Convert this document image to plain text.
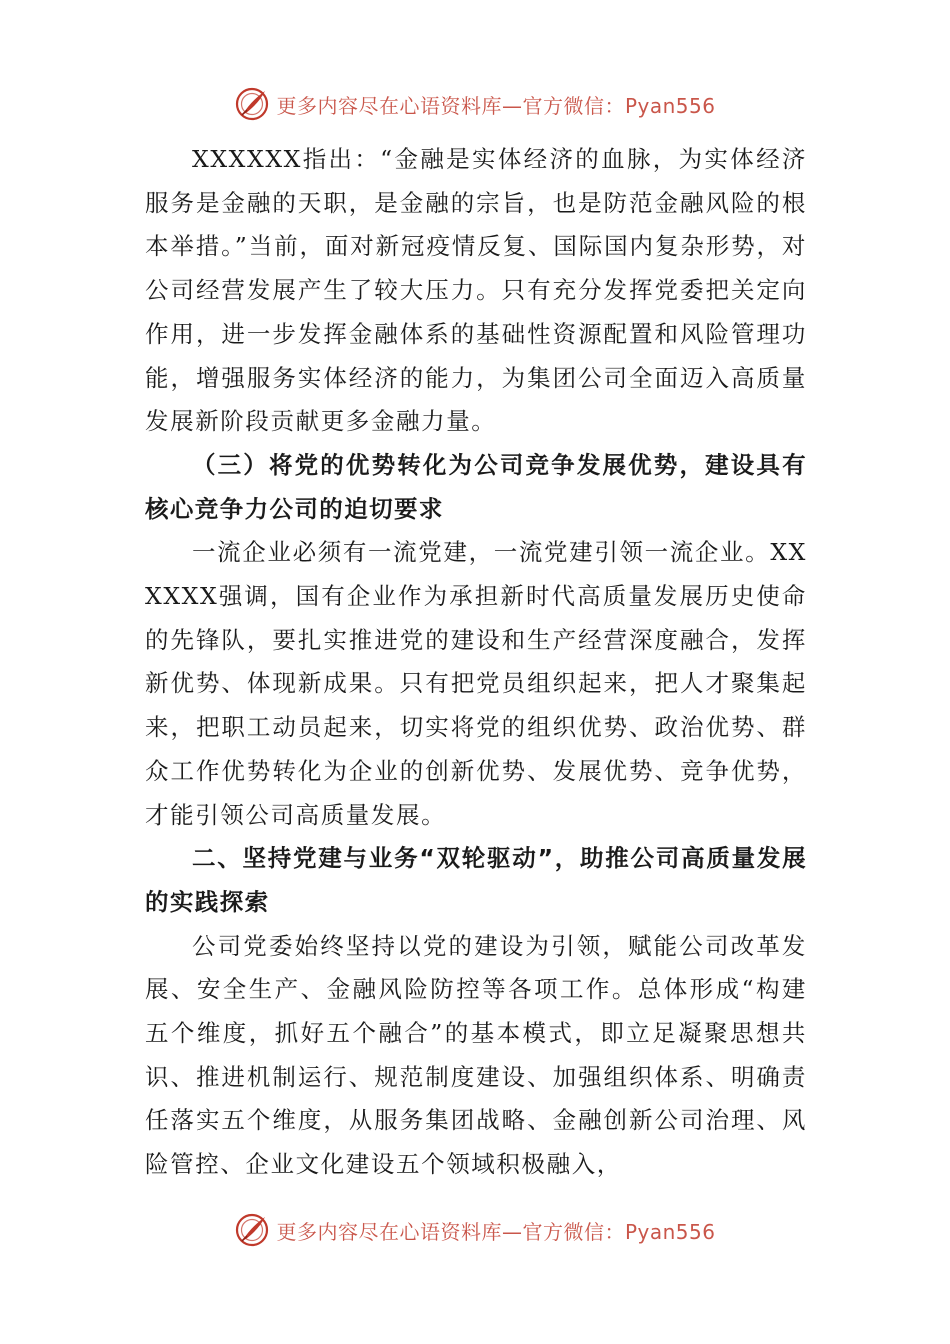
更多内容尽在心语资料库—官方微信：Pyan556

XXXXXX指出：“金融是实体经济的血脉，为实体经济服务是金融的天职，是金融的宗旨，也是防范金融风险的根本举措。”当前，面对新冠疫情反复、国际国内复杂形势，对公司经营发展产生了较大压力。只有充分发挥党委把关定向作用，进一步发挥金融体系的基础性资源配置和风险管理功能，增强服务实体经济的能力，为集团公司全面迈入高质量发展新阶段贡献更多金融力量。

（三）将党的优势转化为公司竞争发展优势，建设具有核心竞争力公司的迫切要求

一流企业必须有一流党建，一流党建引领一流企业。XXXXXX强调，国有企业作为承担新时代高质量发展历史使命的先锋队，要扎实推进党的建设和生产经营深度融合，发挥新优势、体现新成果。只有把党员组织起来，把人才聚集起来，把职工动员起来，切实将党的组织优势、政治优势、群众工作优势转化为企业的创新优势、发展优势、竞争优势，才能引领公司高质量发展。

二、坚持党建与业务“双轮驱动”，助推公司高质量发展的实践探索

公司党委始终坚持以党的建设为引领，赋能公司改革发展、安全生产、金融风险防控等各项工作。总体形成“构建五个维度，抓好五个融合”的基本模式，即立足凝聚思想共识、推进机制运行、规范制度建设、加强组织体系、明确责任落实五个维度，从服务集团战略、金融创新公司治理、风险管控、企业文化建设五个领域积极融入，

更多内容尽在心语资料库—官方微信：Pyan556
